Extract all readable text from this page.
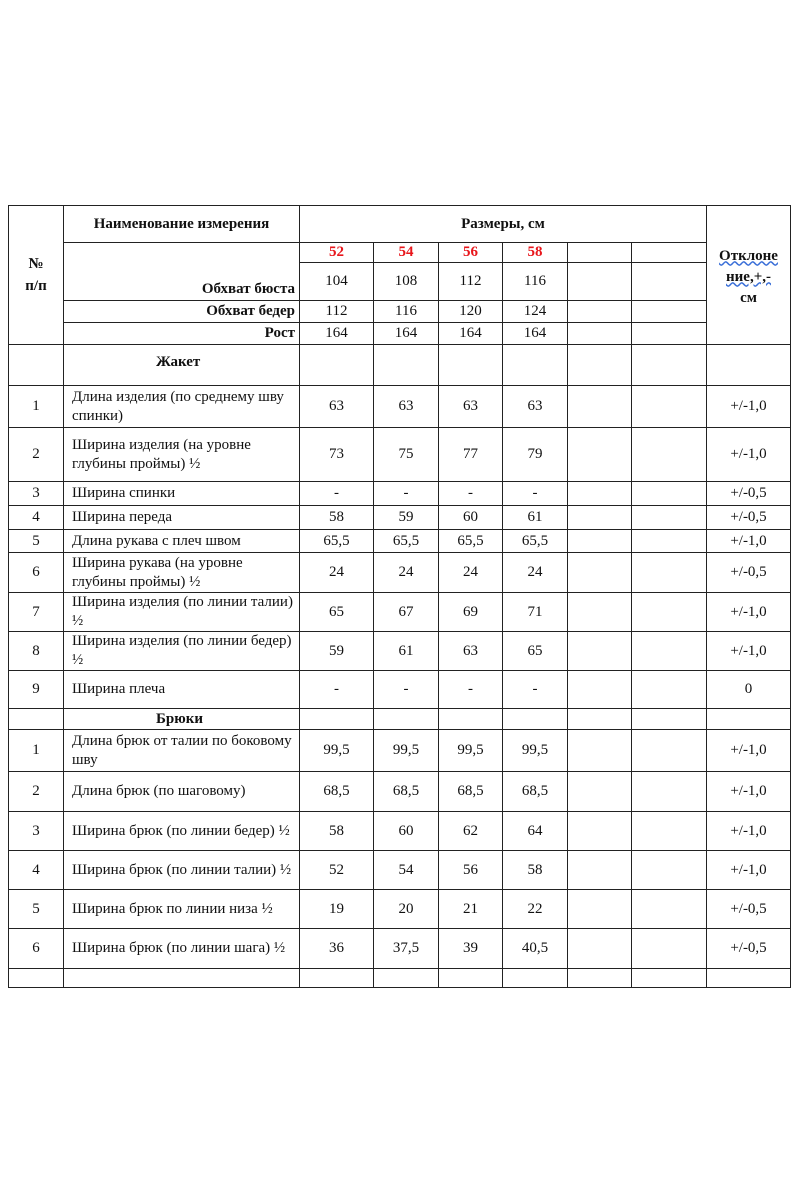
№
п/п	Наименование измерения	Размеры, см						Отклоне
ние,+,-
см

	Обхват бюста	52	54	56	58			
		104	108	112	116			
	Обхват бедер	112	116	120	124			
	Рост	164	164	164	164			
	Жакет							
1	Длина изделия (по среднему шву спинки)	63	63	63	63			+/-1,0
2	Ширина изделия (на уровне глубины проймы) ½	73	75	77	79			+/-1,0
3	Ширина спинки	-	-	-	-			+/-0,5
4	Ширина переда	58	59	60	61			+/-0,5
5	Длина рукава с плеч швом	65,5	65,5	65,5	65,5			+/-1,0
6	Ширина рукава (на уровне глубины проймы) ½	24	24	24	24			+/-0,5
7	Ширина изделия (по линии талии) ½	65	67	69	71			+/-1,0
8	Ширина изделия (по линии бедер) ½	59	61	63	65			+/-1,0
9	Ширина плеча	-	-	-	-			0
	Брюки							
1	Длина брюк от талии по боковому шву	99,5	99,5	99,5	99,5			+/-1,0
2	Длина брюк (по шаговому)	68,5	68,5	68,5	68,5			+/-1,0
3	Ширина брюк (по линии бедер) ½	58	60	62	64			+/-1,0
4	Ширина брюк (по линии талии) ½	52	54	56	58			+/-1,0
5	Ширина брюк по линии низа ½	19	20	21	22			+/-0,5
6	Ширина брюк (по линии шага) ½	36	37,5	39	40,5			+/-0,5
